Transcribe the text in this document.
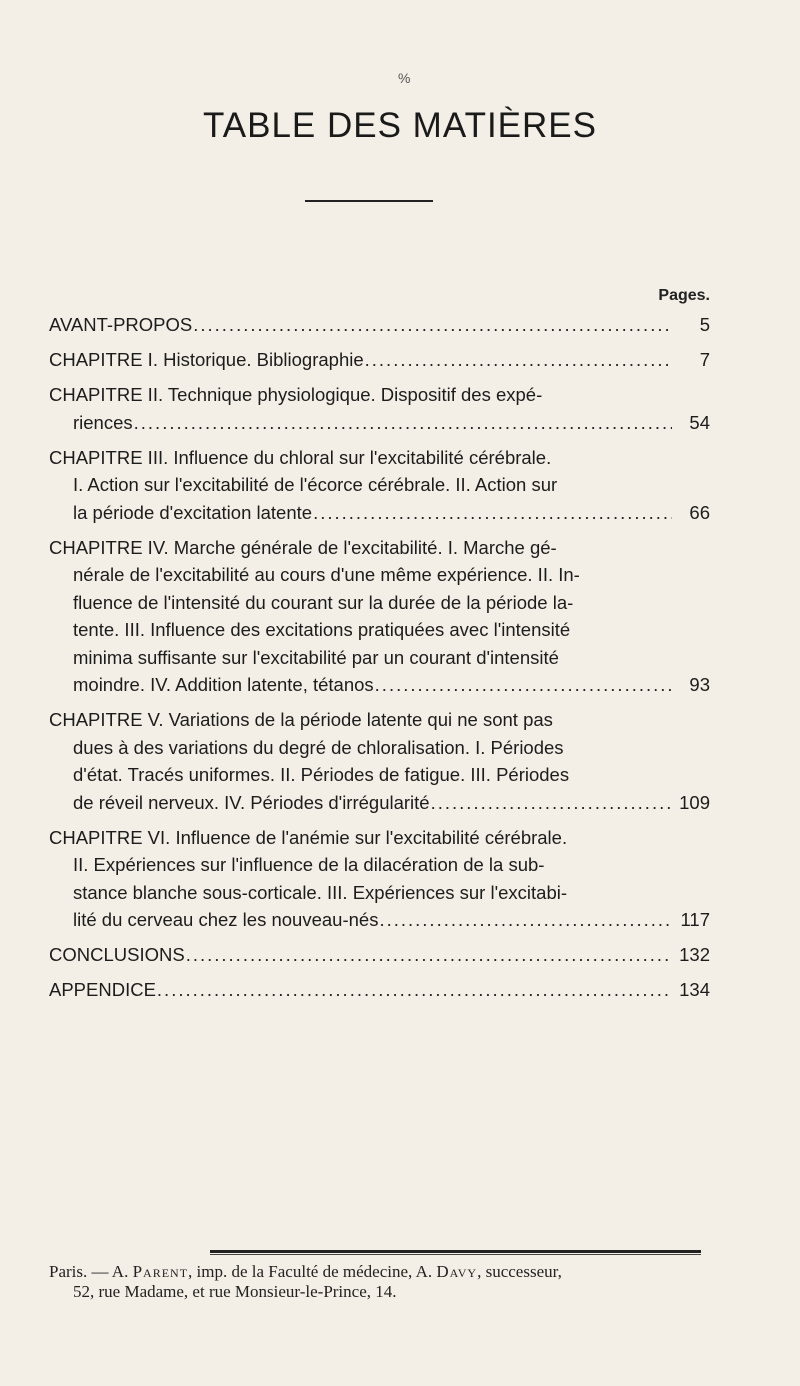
%
TABLE DES MATIÈRES
Pages.
AVANT-PROPOS .....	5
CHAPITRE I. Historique. Bibliographie .....	7
CHAPITRE II. Technique physiologique. Dispositif des expé-
riences .....	54
CHAPITRE III. Influence du chloral sur l'excitabilité cérébrale.
I. Action sur l'excitabilité de l'écorce cérébrale. II. Action sur
la période d'excitation latente .....	66
CHAPITRE IV. Marche générale de l'excitabilité. I. Marche gé-
nérale de l'excitabilité au cours d'une même expérience. II. In-
fluence de l'intensité du courant sur la durée de la période la-
tente. III. Influence des excitations pratiquées avec l'intensité
minima suffisante sur l'excitabilité par un courant d'intensité
moindre. IV. Addition latente, tétanos .....	93
CHAPITRE V. Variations de la période latente qui ne sont pas
dues à des variations du degré de chloralisation. I. Périodes
d'état. Tracés uniformes. II. Périodes de fatigue. III. Périodes
de réveil nerveux. IV. Périodes d'irrégularité .....	109
CHAPITRE VI. Influence de l'anémie sur l'excitabilité cérébrale.
II. Expériences sur l'influence de la dilacération de la sub-
stance blanche sous-corticale. III. Expériences sur l'excitabi-
lité du cerveau chez les nouveau-nés .....	117
CONCLUSIONS .....	132
APPENDICE .....	134
Paris. — A. Parent, imp. de la Faculté de médecine, A. Davy, successeur,
52, rue Madame, et rue Monsieur-le-Prince, 14.
